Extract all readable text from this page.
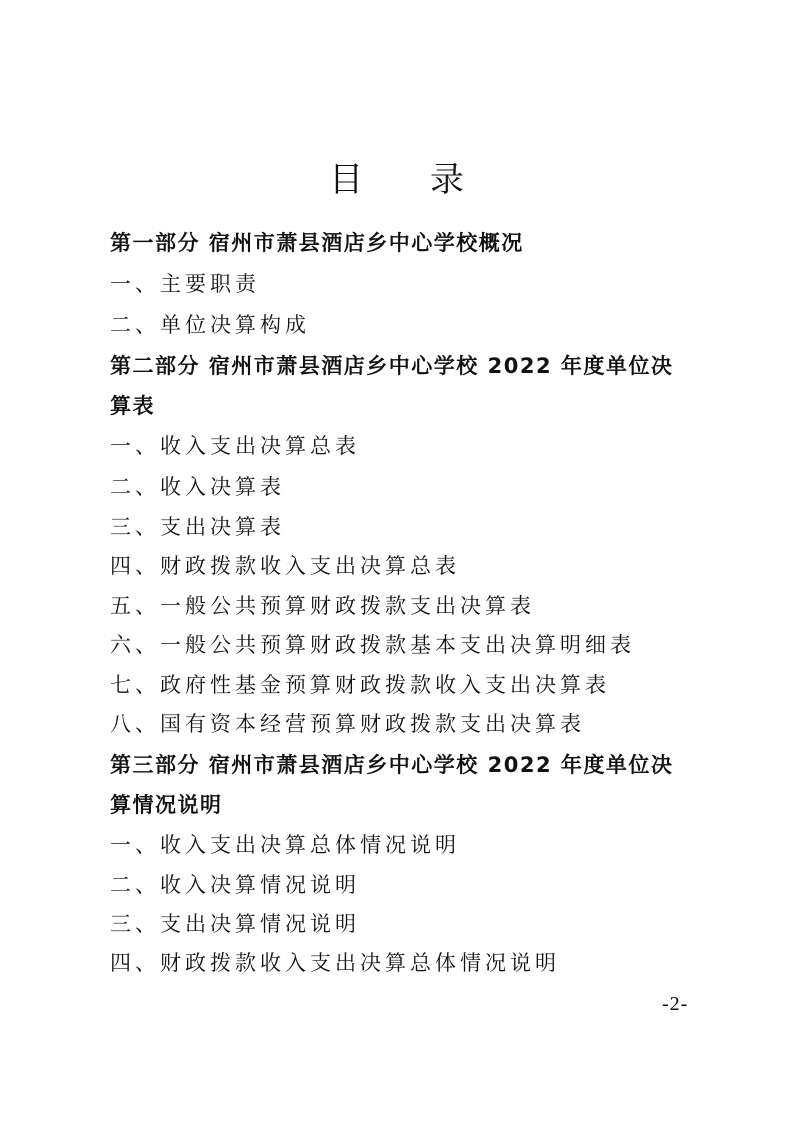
目 录
第一部分 宿州市萧县酒店乡中心学校概况
一、主要职责
二、单位决算构成
第二部分 宿州市萧县酒店乡中心学校 2022 年度单位决
算表
一、收入支出决算总表
二、收入决算表
三、支出决算表
四、财政拨款收入支出决算总表
五、一般公共预算财政拨款支出决算表
六、一般公共预算财政拨款基本支出决算明细表
七、政府性基金预算财政拨款收入支出决算表
八、国有资本经营预算财政拨款支出决算表
第三部分 宿州市萧县酒店乡中心学校 2022 年度单位决
算情况说明
一、收入支出决算总体情况说明
二、收入决算情况说明
三、支出决算情况说明
四、财政拨款收入支出决算总体情况说明
-2-
